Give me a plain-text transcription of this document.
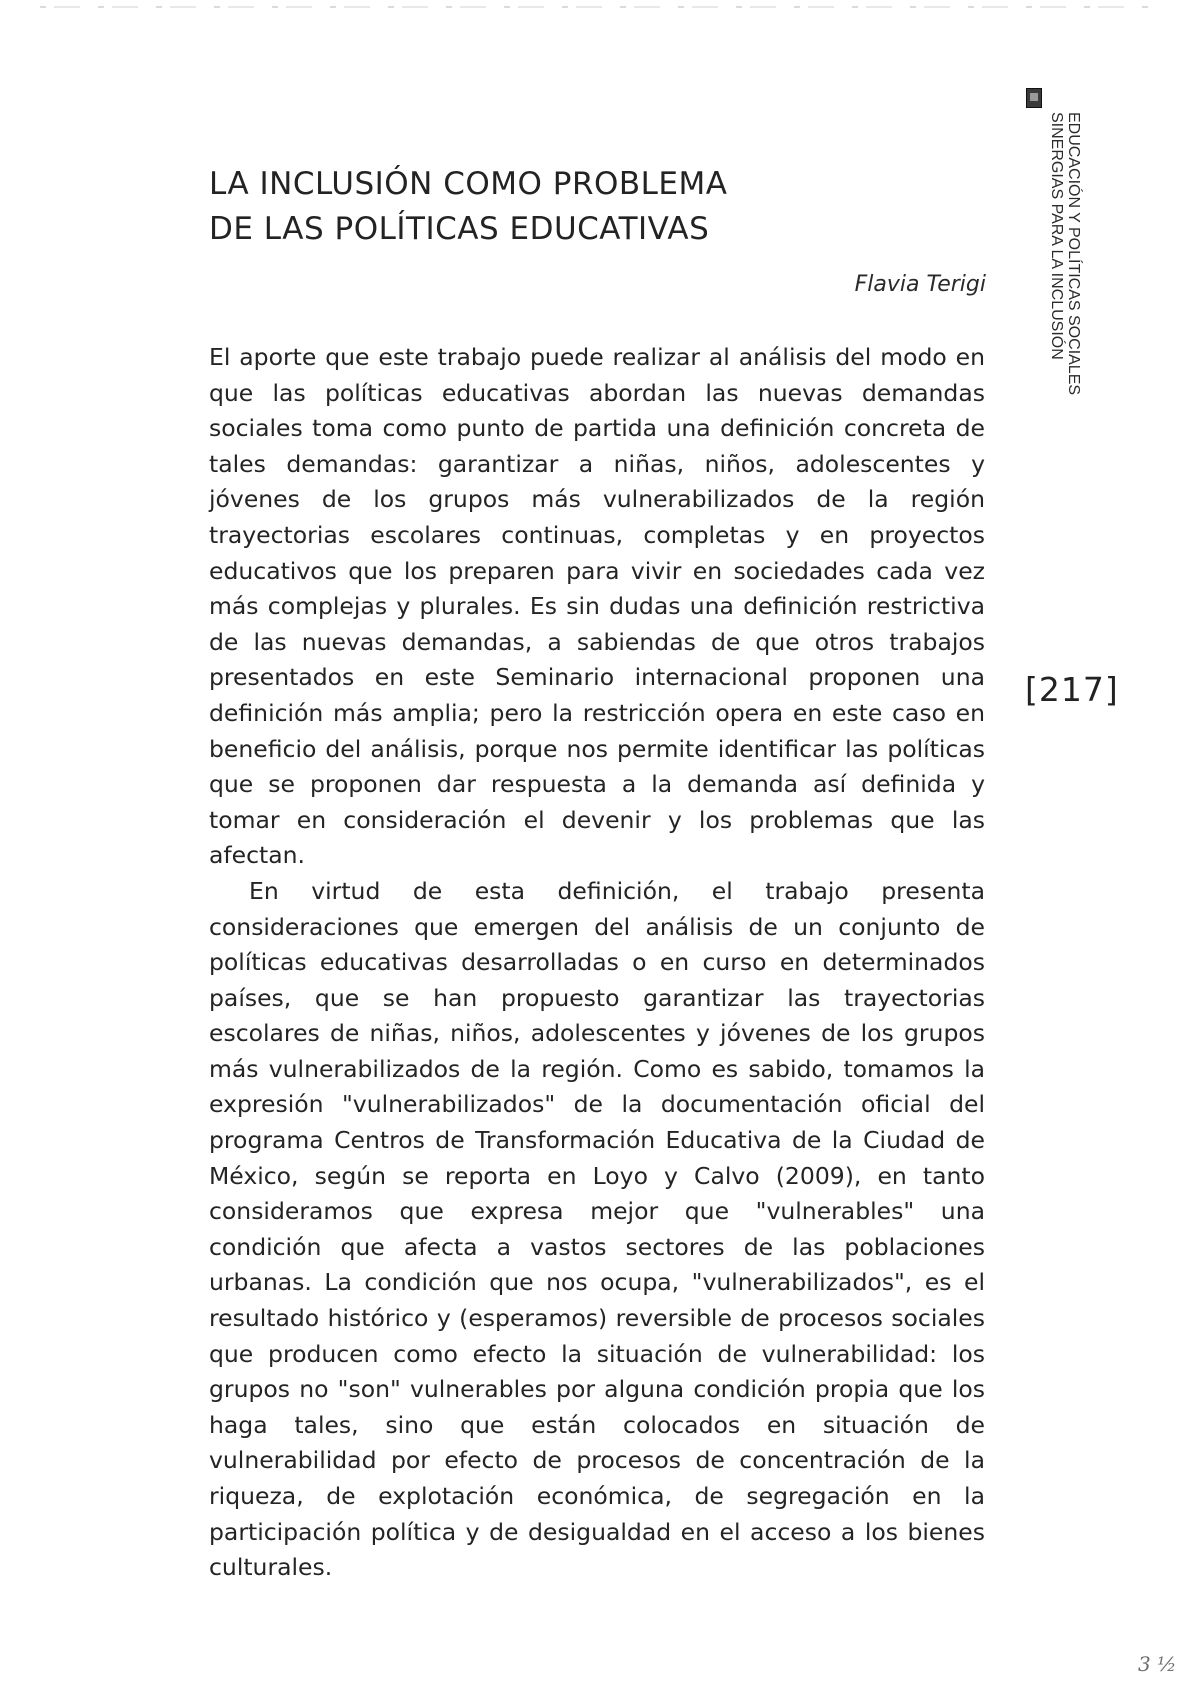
LA INCLUSIÓN COMO PROBLEMA
DE LAS POLÍTICAS EDUCATIVAS
Flavia Terigi

El aporte que este trabajo puede realizar al análisis del modo en que las políticas educativas abordan las nuevas demandas sociales toma como punto de partida una definición concreta de tales demandas: garantizar a niñas, niños, adolescentes y jóvenes de los grupos más vulnerabilizados de la región trayectorias escolares continuas, completas y en proyectos educativos que los preparen para vivir en sociedades cada vez más complejas y plurales. Es sin dudas una definición restrictiva de las nuevas demandas, a sabiendas de que otros trabajos presentados en este Seminario internacional proponen una definición más amplia; pero la restricción opera en este caso en beneficio del análisis, porque nos permite identificar las políticas que se proponen dar respuesta a la demanda así definida y tomar en consideración el devenir y los problemas que las afectan.

En virtud de esta definición, el trabajo presenta consideraciones que emergen del análisis de un conjunto de políticas educativas desarrolladas o en curso en determinados países, que se han propuesto garantizar las trayectorias escolares de niñas, niños, adolescentes y jóvenes de los grupos más vulnerabilizados de la región. Como es sabido, tomamos la expresión "vulnerabilizados" de la documentación oficial del programa Centros de Transformación Educativa de la Ciudad de México, según se reporta en Loyo y Calvo (2009), en tanto consideramos que expresa mejor que "vulnerables" una condición que afecta a vastos sectores de las poblaciones urbanas. La condición que nos ocupa, "vulnerabilizados", es el resultado histórico y (esperamos) reversible de procesos sociales que producen como efecto la situación de vulnerabilidad: los grupos no "son" vulnerables por alguna condición propia que los haga tales, sino que están colocados en situación de vulnerabilidad por efecto de procesos de concentración de la riqueza, de explotación económica, de segregación en la participación política y de desigualdad en el acceso a los bienes culturales.

EDUCACIÓN Y POLÍTICAS SOCIALES
SINERGIAS PARA LA INCLUSIÓN
[217]
3 ½
